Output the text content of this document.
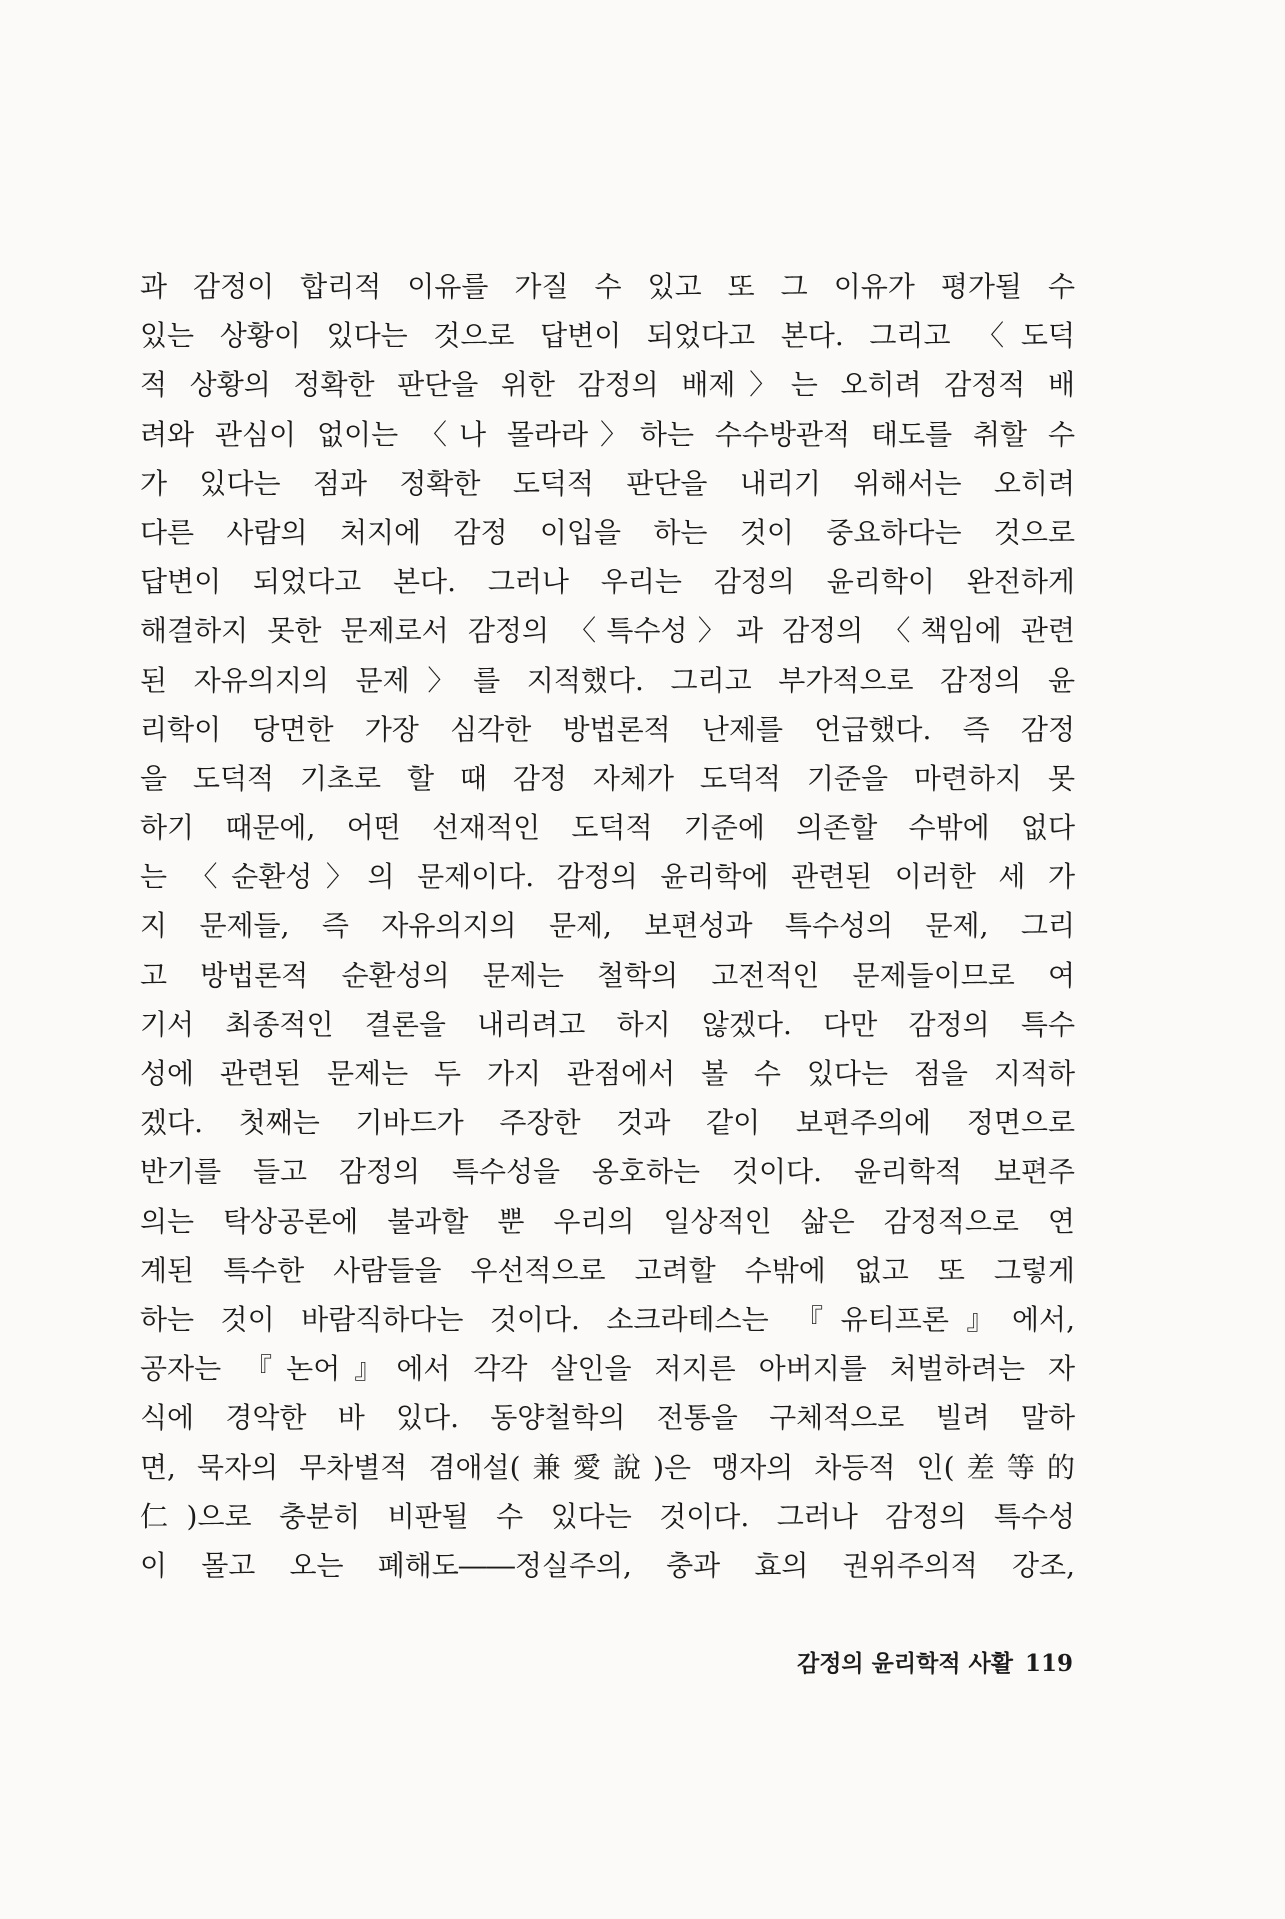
과 감정이 합리적 이유를 가질 수 있고 또 그 이유가 평가될 수
있는 상황이 있다는 것으로 답변이 되었다고 본다. 그리고 〈도덕
적 상황의 정확한 판단을 위한 감정의 배제〉는 오히려 감정적 배
려와 관심이 없이는 〈나 몰라라〉하는 수수방관적 태도를 취할 수
가 있다는 점과 정확한 도덕적 판단을 내리기 위해서는 오히려
다른 사람의 처지에 감정 이입을 하는 것이 중요하다는 것으로
답변이 되었다고 본다. 그러나 우리는 감정의 윤리학이 완전하게
해결하지 못한 문제로서 감정의 〈특수성〉과 감정의 〈책임에 관련
된 자유의지의 문제〉를 지적했다. 그리고 부가적으로 감정의 윤
리학이 당면한 가장 심각한 방법론적 난제를 언급했다. 즉 감정
을 도덕적 기초로 할 때 감정 자체가 도덕적 기준을 마련하지 못
하기 때문에, 어떤 선재적인 도덕적 기준에 의존할 수밖에 없다
는 〈순환성〉의 문제이다. 감정의 윤리학에 관련된 이러한 세 가
지 문제들, 즉 자유의지의 문제, 보편성과 특수성의 문제, 그리
고 방법론적 순환성의 문제는 철학의 고전적인 문제들이므로 여
기서 최종적인 결론을 내리려고 하지 않겠다. 다만 감정의 특수
성에 관련된 문제는 두 가지 관점에서 볼 수 있다는 점을 지적하
겠다. 첫째는 기바드가 주장한 것과 같이 보편주의에 정면으로
반기를 들고 감정의 특수성을 옹호하는 것이다. 윤리학적 보편주
의는 탁상공론에 불과할 뿐 우리의 일상적인 삶은 감정적으로 연
계된 특수한 사람들을 우선적으로 고려할 수밖에 없고 또 그렇게
하는 것이 바람직하다는 것이다. 소크라테스는 『유티프론』에서,
공자는 『논어』에서 각각 살인을 저지른 아버지를 처벌하려는 자
식에 경악한 바 있다. 동양철학의 전통을 구체적으로 빌려 말하
면, 묵자의 무차별적 겸애설(兼愛說)은 맹자의 차등적 인(差等的
仁)으로 충분히 비판될 수 있다는 것이다. 그러나 감정의 특수성
이 몰고 오는 폐해도――정실주의, 충과 효의 권위주의적 강조,
감정의 윤리학적 사활 119
